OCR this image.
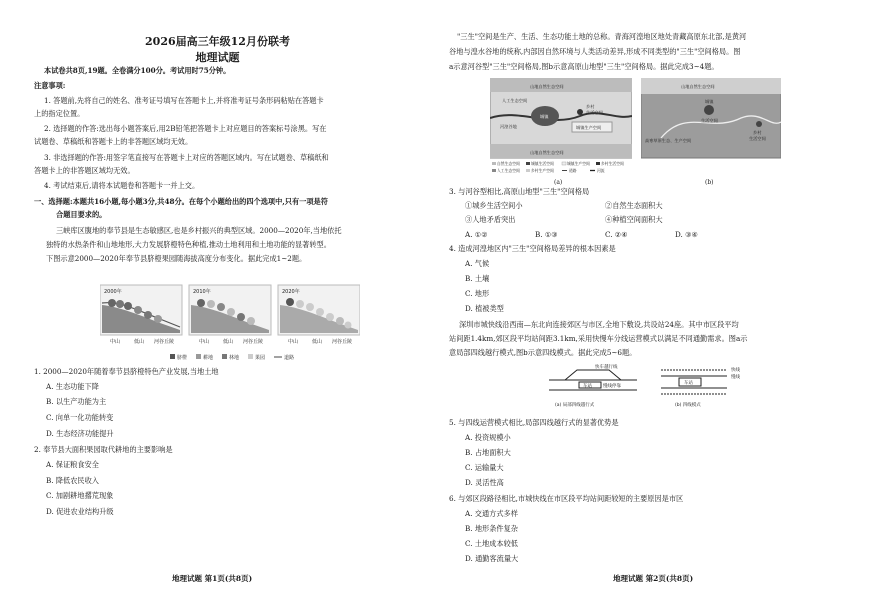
2026届高三年级12月份联考
地理试题
本试卷共8页,19题。全卷满分100分。考试用时75分钟。
注意事项:
1. 答题前,先将自己的姓名、准考证号填写在答题卡上,并将准考证号条形码粘贴在答题卡
上的指定位置。
2. 选择题的作答:选出每小题答案后,用2B铅笔把答题卡上对应题目的答案标号涂黑。写在
试题卷、草稿纸和答题卡上的非答题区域均无效。
3. 非选择题的作答:用签字笔直接写在答题卡上对应的答题区域内。写在试题卷、草稿纸和
答题卡上的非答题区域均无效。
4. 考试结束后,请将本试题卷和答题卡一并上交。
一、选择题:本题共16小题,每小题3分,共48分。在每个小题给出的四个选项中,只有一项是符
合题目要求的。
三峡库区腹地的奉节县是生态敏感区,也是乡村振兴的典型区域。2000—2020年,当地依托
独特的水热条件和山地地形,大力发展脐橙特色种植,推动土地利用和土地功能的显著转型。
下图示意2000—2020年奉节县脐橙果园随海拔高度分布变化。据此完成1~2题。
2000年	2010年	2020年
中山	低山 河谷丘陵	中山	低山 河谷丘陵	中山	低山 河谷丘陵
脐橙	耕地	林地	果园	道路
1. 2000—2020年随着奉节县脐橙特色产业发展,当地土地
A. 生态功能下降
B. 以生产功能为主
C. 向单一化功能转变
D. 生态经济功能提升
2. 奉节县大面积果园取代耕地的主要影响是
A. 保证粮食安全
B. 降低农民收入
C. 加剧耕地撂荒现象
D. 促进农业结构升级
地理试题 第1页(共8页)
"三生"空间是生产、生活、生态功能土地的总称。青海河湟地区地处青藏高原东北部,是黄河
谷地与湟水谷地的统称,内部因自然环境与人类活动差异,形成不同类型的"三生"空间格局。图
a示意河谷型"三生"空间格局,图b示意高原山地型"三生"空间格局。据此完成3~4题。
山地自然生态空间
人工生态空间
城镇
乡村
生活空间
河湟谷地	城镇生产空间
山地自然生态空间
自然生态空间	城镇生活空间	城镇生产空间	乡村生活空间
人工生态空间	乡村生产空间	道路	河流
(a)
山地自然生态空间
城镇
生活空间
高寒草原生态、生产空间
乡村
生活空间
(b)
3. 与河谷型相比,高原山地型"三生"空间格局
①城乡生活空间小	②自然生态面积大
③人地矛盾突出	④种植空间面积大
A. ①②	B. ①③	C. ②④	D. ③④
4. 造成河湟地区内"三生"空间格局差异的根本因素是
A. 气候
B. 土壤
C. 地形
D. 植被类型
深圳市城快线沿西南—东北向连接郊区与市区,全地下敷设,共设站24座。其中市区段平均
站间距1.4km,郊区段平均站间距3.1km,采用快慢车分线运营模式以满足不同通勤需求。图a示
意局部四线越行模式,图b示意四线模式。据此完成5~6题。
快车越行线
车站 慢线停靠
(a) 局部四线越行式
快线
慢线
车站
(b) 四线模式
5. 与四线运营模式相比,局部四线越行式的显著优势是
A. 投资规模小
B. 占地面积大
C. 运输量大
D. 灵活性高
6. 与郊区段路径相比,市城快线在市区段平均站间距较短的主要原因是市区
A. 交通方式多样
B. 地形条件复杂
C. 土地成本较低
D. 通勤客流量大
地理试题 第2页(共8页)
